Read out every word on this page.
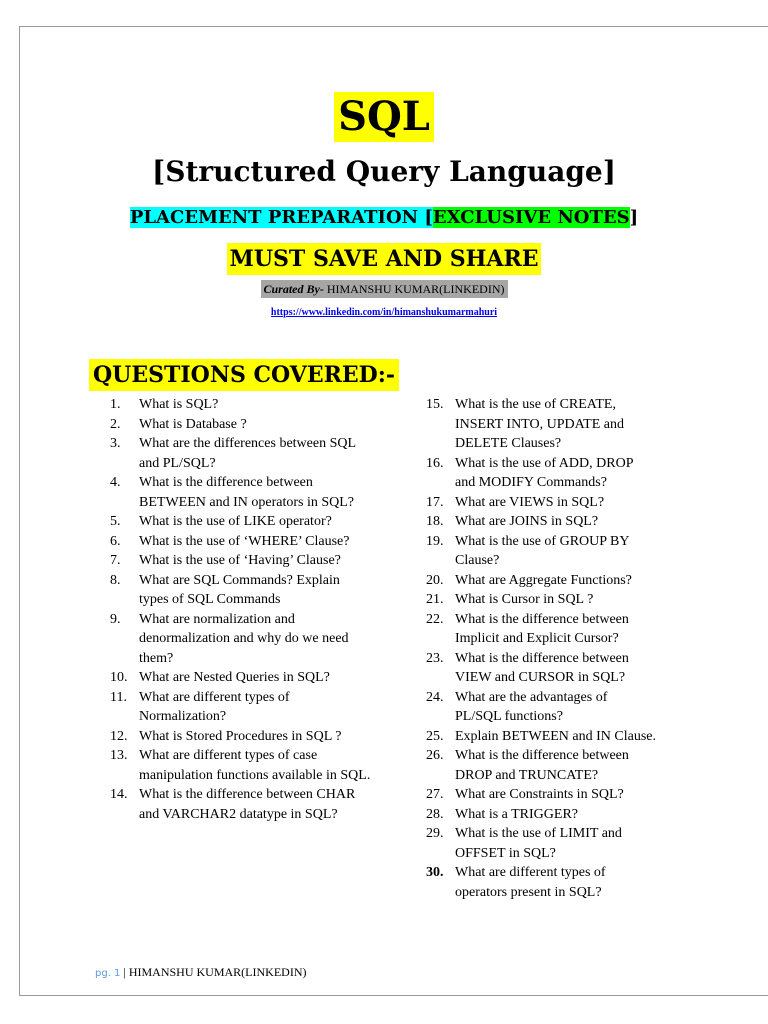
SQL
[Structured Query Language]
PLACEMENT PREPARATION [EXCLUSIVE NOTES]
MUST SAVE AND SHARE
Curated By- HIMANSHU KUMAR(LINKEDIN)
https://www.linkedin.com/in/himanshukumarmahuri
QUESTIONS COVERED:-
1. What is SQL?
2. What is Database ?
3. What are the differences between SQL and PL/SQL?
4. What is the difference between BETWEEN and IN operators in SQL?
5. What is the use of LIKE operator?
6. What is the use of ‘WHERE’ Clause?
7. What is the use of ‘Having’ Clause?
8. What are SQL Commands? Explain types of SQL Commands
9. What are normalization and denormalization and why do we need them?
10. What are Nested Queries in SQL?
11. What are different types of Normalization?
12. What is Stored Procedures in SQL ?
13. What are different types of case manipulation functions available in SQL.
14. What is the difference between CHAR and VARCHAR2 datatype in SQL?
15. What is the use of CREATE, INSERT INTO, UPDATE and DELETE Clauses?
16. What is the use of ADD, DROP and MODIFY Commands?
17. What are VIEWS in SQL?
18. What are JOINS in SQL?
19. What is the use of GROUP BY Clause?
20. What are Aggregate Functions?
21. What is Cursor in SQL ?
22. What is the difference between Implicit and Explicit Cursor?
23. What is the difference between VIEW and CURSOR in SQL?
24. What are the advantages of PL/SQL functions?
25. Explain BETWEEN and IN Clause.
26. What is the difference between DROP and TRUNCATE?
27. What are Constraints in SQL?
28. What is a TRIGGER?
29. What is the use of LIMIT and OFFSET in SQL?
30. What are different types of operators present in SQL?
pg. 1 | HIMANSHU KUMAR(LINKEDIN)
